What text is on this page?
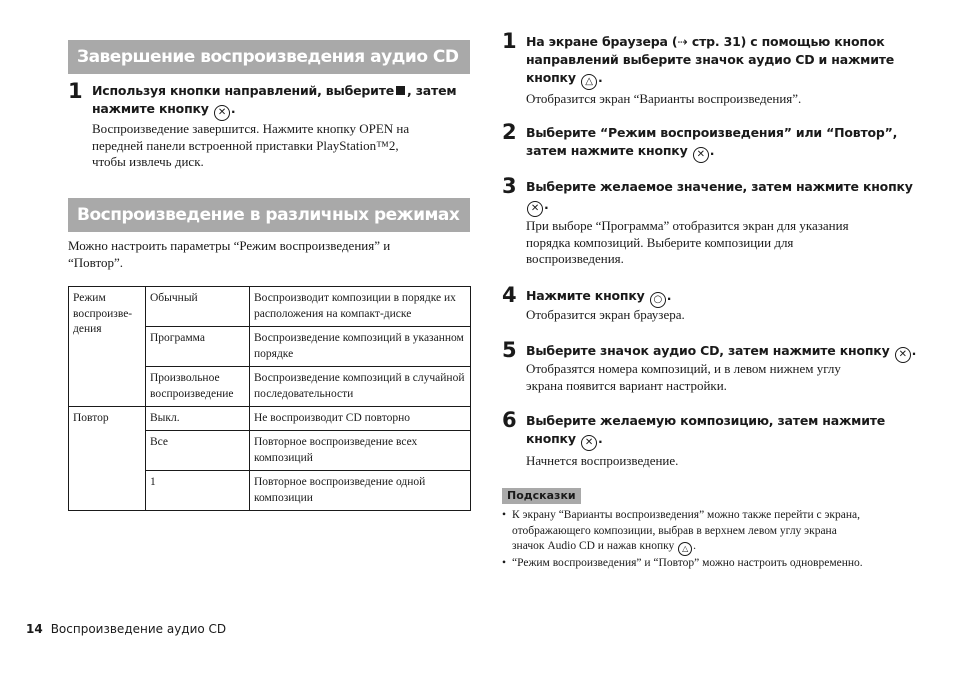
Завершение воспроизведения аудио CD
1 Используя кнопки направлений, выберите , затем
нажмите кнопку ✕ .
Воспроизведение завершится. Нажмите кнопку OPEN на
передней панели встроенной приставки PlayStation™2,
чтобы извлечь диск.
Воспроизведение в различных режимах
Можно настроить параметры “Режим воспроизведения” и
“Повтор”.
Режим воспроизве-дения	Обычный	Воспроизводит композиции в порядке их расположения на компакт-диске
	Программа	Воспроизведение композиций в указанном порядке
	Произвольное воспроизведение	Воспроизведение композиций в случайной последовательности
Повтор	Выкл.	Не воспроизводит CD повторно
	Все	Повторное воспроизведение всех композиций
	1	Повторное воспроизведение одной композиции
1 На экране браузера (⇢ стр. 31) с помощью кнопок
направлений выберите значок аудио CD и нажмите
кнопку △ .
Отобразится экран “Варианты воспроизведения”.
2 Выберите “Режим воспроизведения” или “Повтор”,
затем нажмите кнопку ✕ .
3 Выберите желаемое значение, затем нажмите кнопку
✕ .
При выборе “Программа” отобразится экран для указания
порядка композиций. Выберите композиции для
воспроизведения.
4 Нажмите кнопку ○ .
Отобразится экран браузера.
5 Выберите значок аудио CD, затем нажмите кнопку ✕ .
Отобразятся номера композиций, и в левом нижнем углу
экрана появится вариант настройки.
6 Выберите желаемую композицию, затем нажмите
кнопку ✕ .
Начнется воспроизведение.
Подсказки
• К экрану “Варианты воспроизведения” можно также перейти с экрана,
отображающего композиции, выбрав в верхнем левом углу экрана
значок Audio CD и нажав кнопку △ .
• “Режим воспроизведения” и “Повтор” можно настроить одновременно.
14 Воспроизведение аудио CD
